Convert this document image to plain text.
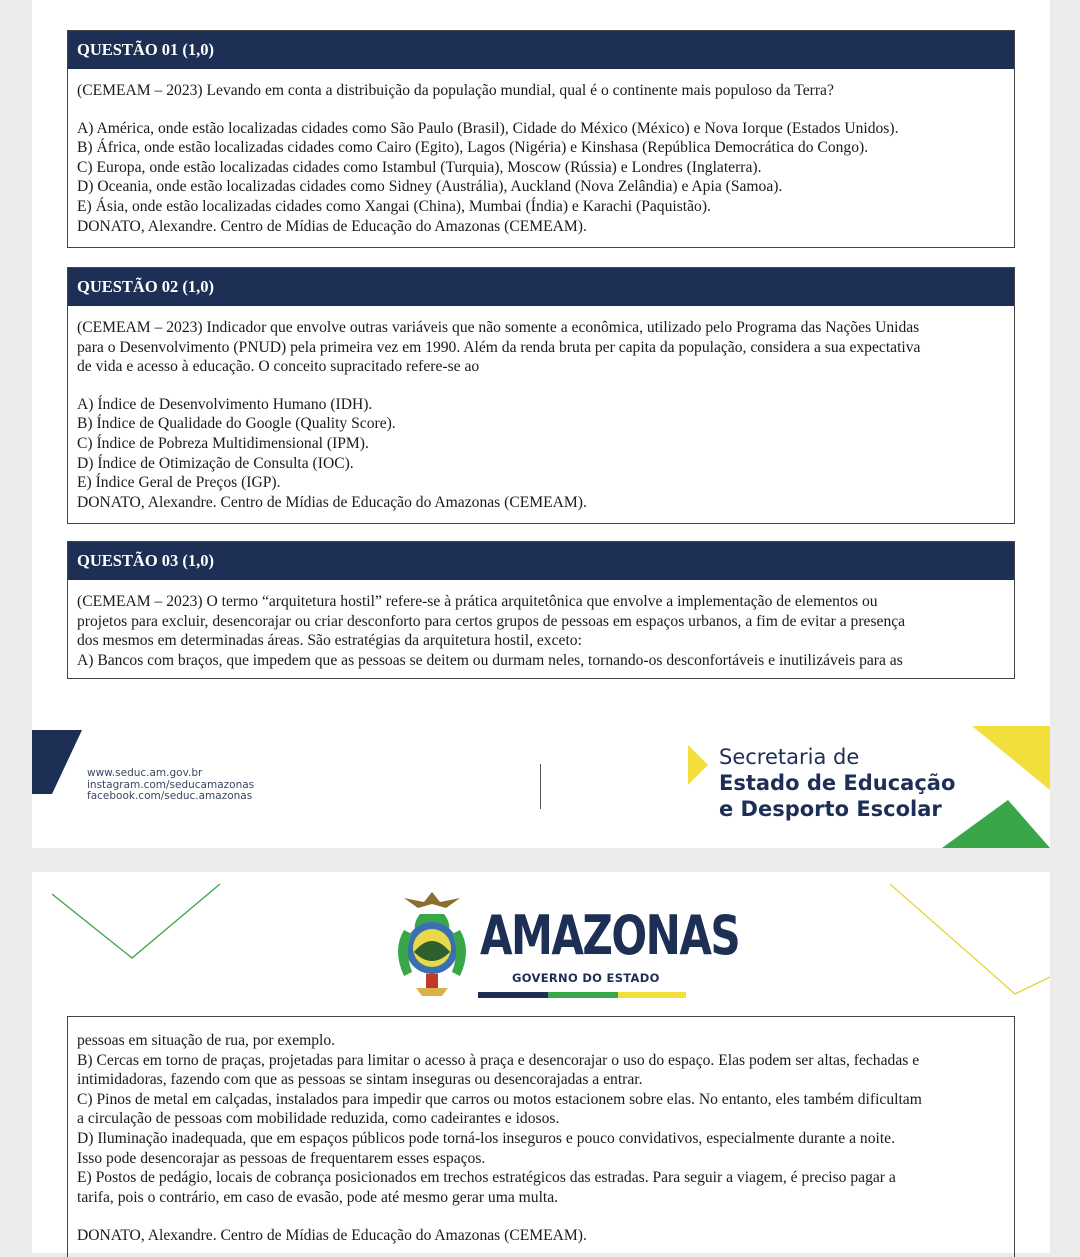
QUESTÃO 01 (1,0)

(CEMEAM – 2023) Levando em conta a distribuição da população mundial, qual é o continente mais populoso da Terra?

A) América, onde estão localizadas cidades como São Paulo (Brasil), Cidade do México (México) e Nova Iorque (Estados Unidos).

B) África, onde estão localizadas cidades como Cairo (Egito), Lagos (Nigéria) e Kinshasa (República Democrática do Congo).

C) Europa, onde estão localizadas cidades como Istambul (Turquia), Moscow (Rússia) e Londres (Inglaterra).

D) Oceania, onde estão localizadas cidades como Sidney (Austrália), Auckland (Nova Zelândia) e Apia (Samoa).

E) Ásia, onde estão localizadas cidades como Xangai (China), Mumbai (Índia) e Karachi (Paquistão).

DONATO, Alexandre. Centro de Mídias de Educação do Amazonas (CEMEAM).

QUESTÃO 02 (1,0)

(CEMEAM – 2023) Indicador que envolve outras variáveis que não somente a econômica, utilizado pelo Programa das Nações Unidas

para o Desenvolvimento (PNUD) pela primeira vez em 1990. Além da renda bruta per capita da população, considera a sua expectativa

de vida e acesso à educação. O conceito supracitado refere-se ao

A) Índice de Desenvolvimento Humano (IDH).

B) Índice de Qualidade do Google (Quality Score).

C) Índice de Pobreza Multidimensional (IPM).

D) Índice de Otimização de Consulta (IOC).

E) Índice Geral de Preços (IGP).

DONATO, Alexandre. Centro de Mídias de Educação do Amazonas (CEMEAM).

QUESTÃO 03 (1,0)

(CEMEAM – 2023) O termo “arquitetura hostil” refere-se à prática arquitetônica que envolve a implementação de elementos ou

projetos para excluir, desencorajar ou criar desconforto para certos grupos de pessoas em espaços urbanos, a fim de evitar a presença

dos mesmos em determinadas áreas. São estratégias da arquitetura hostil, exceto:

A) Bancos com braços, que impedem que as pessoas se deitem ou durmam neles, tornando-os desconfortáveis e inutilizáveis para as

www.seduc.am.gov.br
instagram.com/seducamazonas
facebook.com/seduc.amazonas
Secretaria de
Estado de Educação
e Desporto Escolar
AMAZONAS
GOVERNO DO ESTADO

pessoas em situação de rua, por exemplo.

B) Cercas em torno de praças, projetadas para limitar o acesso à praça e desencorajar o uso do espaço. Elas podem ser altas, fechadas e

intimidadoras, fazendo com que as pessoas se sintam inseguras ou desencorajadas a entrar.

C) Pinos de metal em calçadas, instalados para impedir que carros ou motos estacionem sobre elas. No entanto, eles também dificultam

a circulação de pessoas com mobilidade reduzida, como cadeirantes e idosos.

D) Iluminação inadequada, que em espaços públicos pode torná-los inseguros e pouco convidativos, especialmente durante a noite.

Isso pode desencorajar as pessoas de frequentarem esses espaços.

E) Postos de pedágio, locais de cobrança posicionados em trechos estratégicos das estradas. Para seguir a viagem, é preciso pagar a

tarifa, pois o contrário, em caso de evasão, pode até mesmo gerar uma multa.

DONATO, Alexandre. Centro de Mídias de Educação do Amazonas (CEMEAM).
